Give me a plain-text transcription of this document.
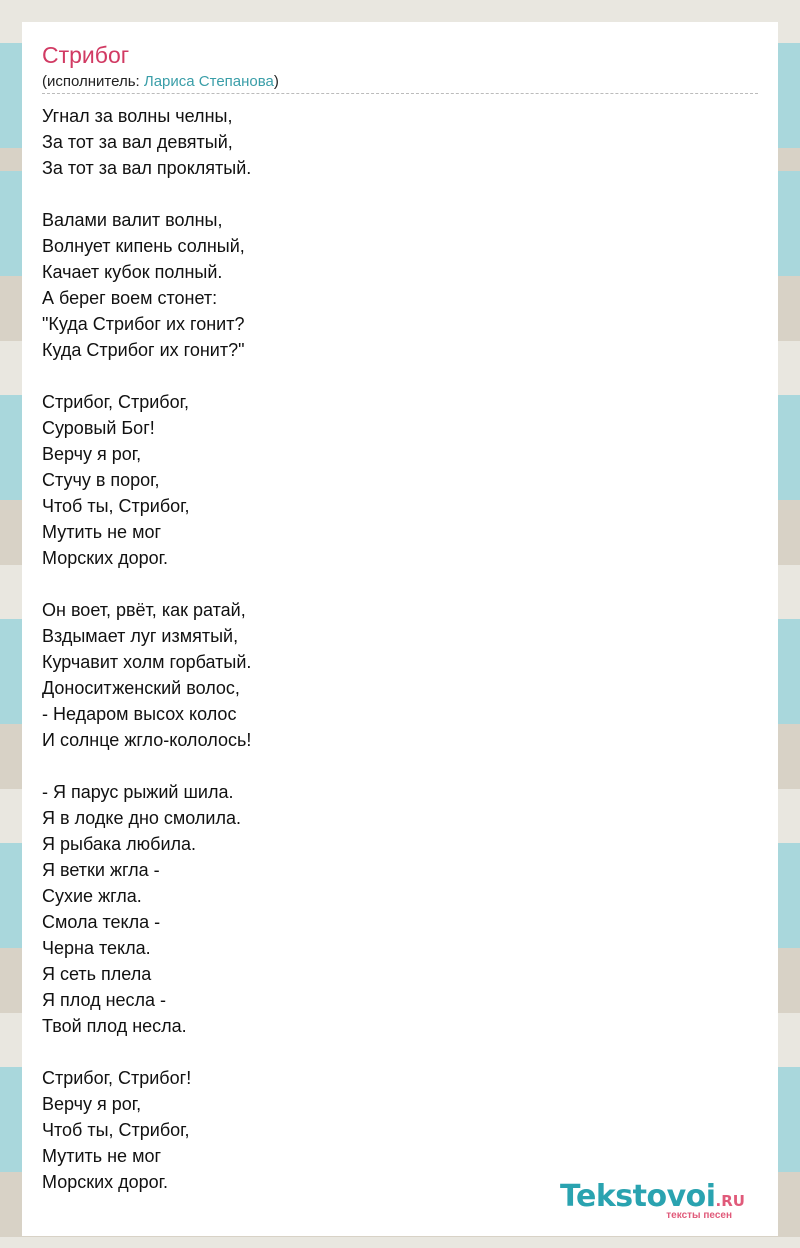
Стрибог
(исполнитель: Лариса Степанова)
Угнал за волны челны,
За тот за вал девятый,
За тот за вал проклятый.
Валами валит волны,
Волнует кипень солный,
Качает кубок полный.
А берег воем стонет:
"Куда Стрибог их гонит?
Куда Стрибог их гонит?"
Стрибог, Стрибог,
Суровый Бог!
Верчу я рог,
Стучу в порог,
Чтоб ты, Стрибог,
Мутить не мог
Морских дорог.
Он воет, рвёт, как ратай,
Вздымает луг измятый,
Курчавит холм горбатый.
Доноситженский волос,
- Недаром высох колос
И солнце жгло-кололось!
- Я парус рыжий шила.
Я в лодке дно смолила.
Я рыбака любила.
Я ветки жгла -
Сухие жгла.
Смола текла -
Черна текла.
Я сеть плела
Я плод несла -
Твой плод несла.
Стрибог, Стрибог!
Верчу я рог,
Чтоб ты, Стрибог,
Мутить не мог
Морских дорог.	Tekstovoi.RU
тексты песен
